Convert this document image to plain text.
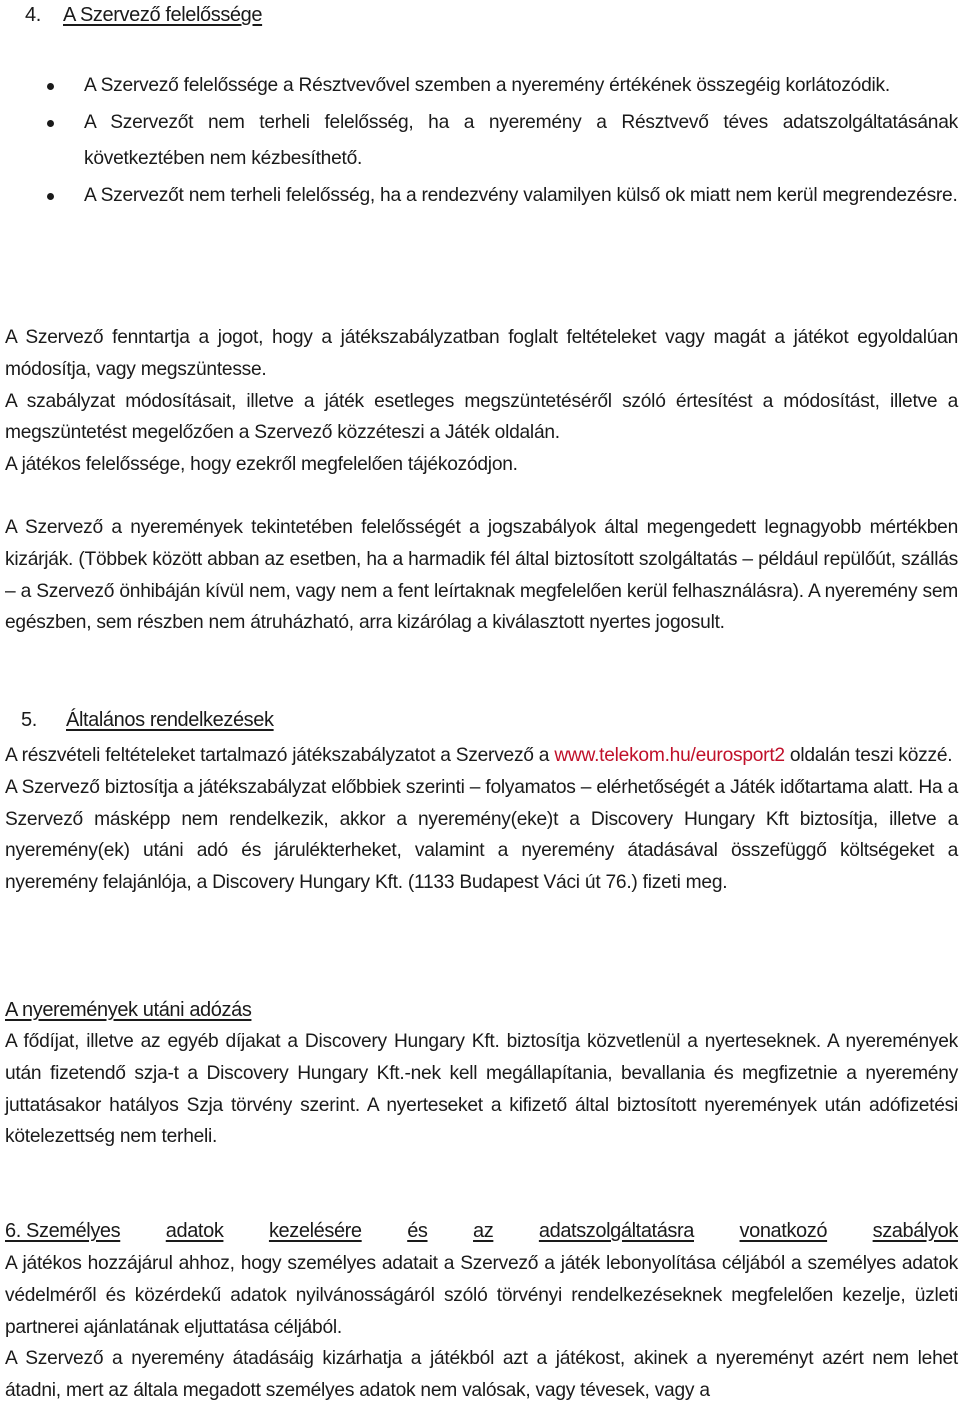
4.	A Szervező felelőssége
A Szervező felelőssége a Résztvevővel szemben a nyeremény értékének összegéig korlátozódik.
A Szervezőt nem terheli felelősség, ha a nyeremény a Résztvevő téves adatszolgáltatásának következtében nem kézbesíthető.
A Szervezőt nem terheli felelősség, ha a rendezvény valamilyen külső ok miatt nem kerül megrendezésre.

A Szervező fenntartja a jogot, hogy a játékszabályzatban foglalt feltételeket vagy magát a játékot egyoldalúan módosítja, vagy megszüntesse.

A szabályzat módosításait, illetve a játék esetleges megszüntetéséről szóló értesítést a módosítást, illetve a megszüntetést megelőzően a Szervező közzéteszi a Játék oldalán.

A játékos felelőssége, hogy ezekről megfelelően tájékozódjon.

A Szervező a nyeremények tekintetében felelősségét a jogszabályok által megengedett legnagyobb mértékben kizárják. (Többek között abban az esetben, ha a harmadik fél által biztosított szolgáltatás – például repülőút, szállás – a Szervező önhibáján kívül nem, vagy nem a fent leírtaknak megfelelően kerül felhasználásra). A nyeremény sem egészben, sem részben nem átruházható, arra kizárólag a kiválasztott nyertes jogosult.

5.	Általános rendelkezések

A részvételi feltételeket tartalmazó játékszabályzatot a Szervező a www.telekom.hu/eurosport2 oldalán teszi közzé.

A Szervező biztosítja a játékszabályzat előbbiek szerinti – folyamatos – elérhetőségét a Játék időtartama alatt. Ha a Szervező másképp nem rendelkezik, akkor a nyeremény(eke)t a Discovery Hungary Kft biztosítja, illetve a nyeremény(ek) utáni adó és járulékterheket, valamint a nyeremény átadásával összefüggő költségeket a nyeremény felajánlója, a Discovery Hungary Kft. (1133 Budapest Váci út 76.) fizeti meg.

A nyeremények utáni adózás

A fődíjat, illetve az egyéb díjakat a Discovery Hungary Kft. biztosítja közvetlenül a nyerteseknek. A nyeremények után fizetendő szja-t a Discovery Hungary Kft.-nek kell megállapítania, bevallania és megfizetnie a nyeremény juttatásakor hatályos Szja törvény szerint. A nyerteseket a kifizető által biztosított nyeremények után adófizetési kötelezettség nem terheli.

6. Személyes adatok kezelésére és az adatszolgáltatásra vonatkozó szabályok

A játékos hozzájárul ahhoz, hogy személyes adatait a Szervező a játék lebonyolítása céljából a személyes adatok védelméről és közérdekű adatok nyilvánosságáról szóló törvényi rendelkezéseknek megfelelően kezelje, üzleti partnerei ajánlatának eljuttatása céljából.

A Szervező a nyeremény átadásáig kizárhatja a játékból azt a játékost, akinek a nyereményt azért nem lehet átadni, mert az általa megadott személyes adatok nem valósak, vagy tévesek, vagy a
